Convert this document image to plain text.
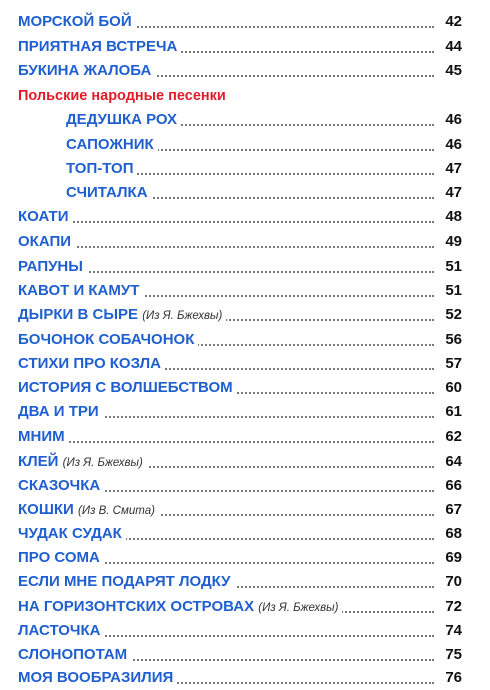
МОРСКОЙ БОЙ	42
ПРИЯТНАЯ ВСТРЕЧА	44
БУКИНА ЖАЛОБА	45
Польские народные песенки
ДЕДУШКА РОХ	46
САПОЖНИК	46
ТОП-ТОП	47
СЧИТАЛКА	47
КОАТИ	48
ОКАПИ	49
РАПУНЫ	51
КАВОТ И КАМУТ	51
ДЫРКИ В СЫРЕ (Из Я. Бжехвы)	52
БОЧОНОК СОБАЧОНОК	56
СТИХИ ПРО КОЗЛА	57
ИСТОРИЯ С ВОЛШЕБСТВОМ	60
ДВА И ТРИ	61
МНИМ	62
КЛЕЙ (Из Я. Бжехвы)	64
СКАЗОЧКА	66
КОШКИ (Из В. Смита)	67
ЧУДАК СУДАК	68
ПРО СОМА	69
ЕСЛИ МНЕ ПОДАРЯТ ЛОДКУ	70
НА ГОРИЗОНТСКИХ ОСТРОВАХ (Из Я. Бжехвы)	72
ЛАСТОЧКА	74
СЛОНОПОТАМ	75
МОЯ ВООБРАЗИЛИЯ	76
